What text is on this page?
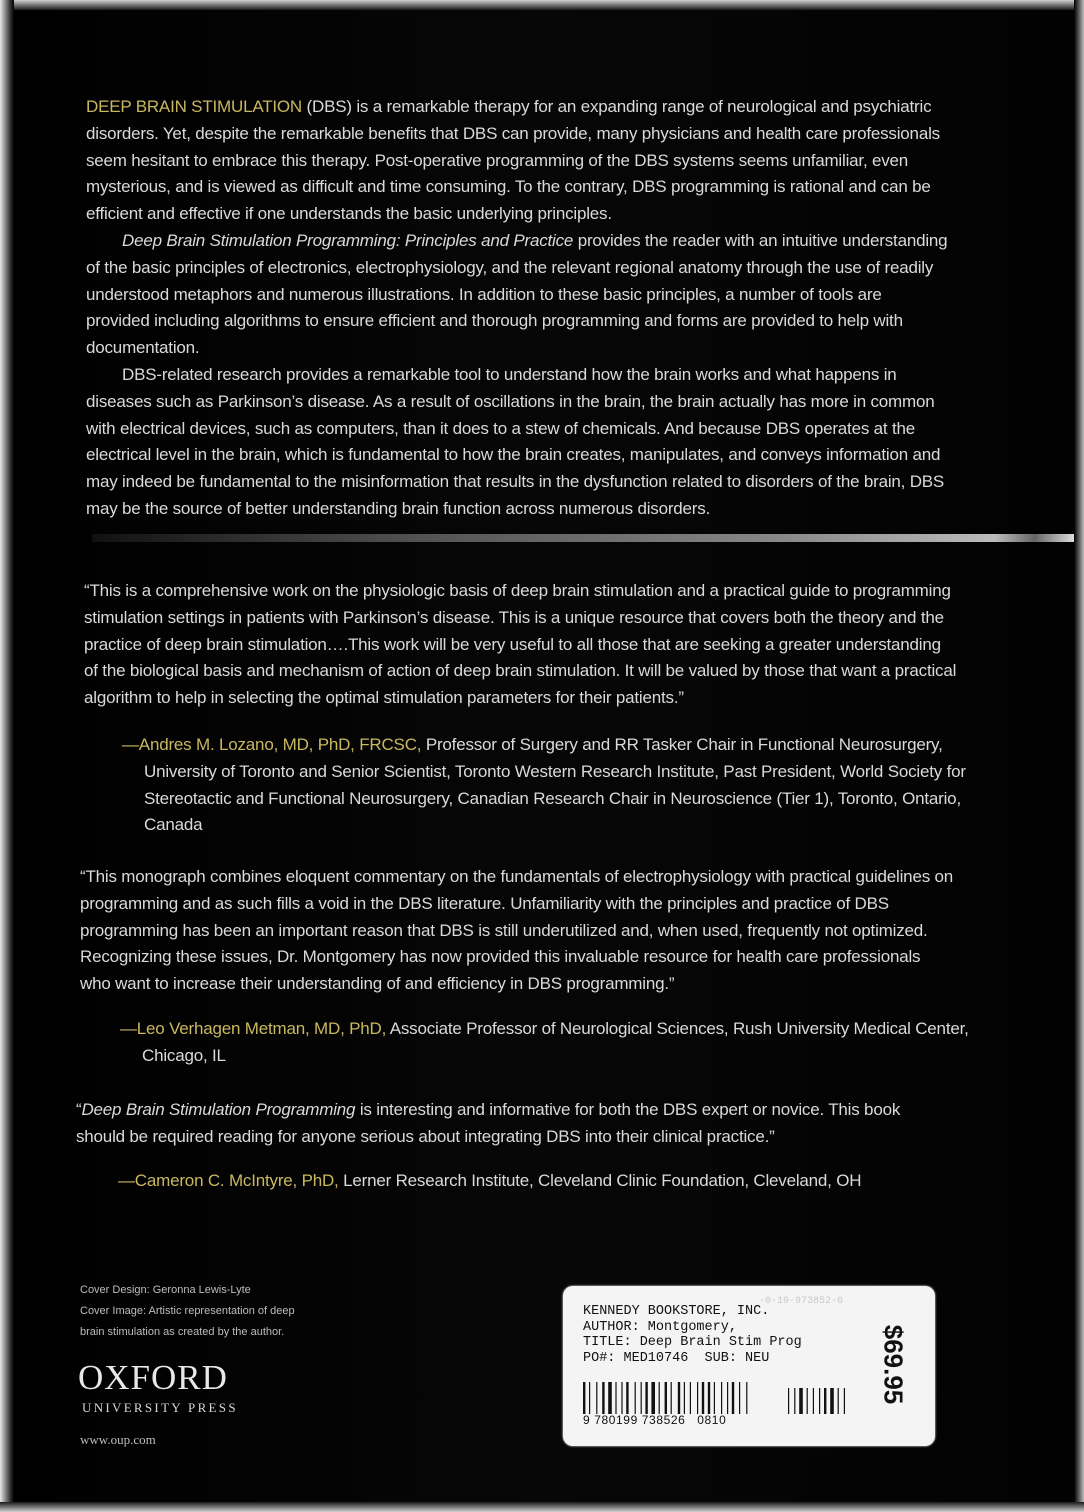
DEEP BRAIN STIMULATION (DBS) is a remarkable therapy for an expanding range of neurological and psychiatric disorders. Yet, despite the remarkable benefits that DBS can provide, many physicians and health care professionals seem hesitant to embrace this therapy. Post-operative programming of the DBS systems seems unfamiliar, even mysterious, and is viewed as difficult and time consuming. To the contrary, DBS programming is rational and can be efficient and effective if one understands the basic underlying principles.

Deep Brain Stimulation Programming: Principles and Practice provides the reader with an intuitive understanding of the basic principles of electronics, electrophysiology, and the relevant regional anatomy through the use of readily understood metaphors and numerous illustrations. In addition to these basic principles, a number of tools are provided including algorithms to ensure efficient and thorough programming and forms are provided to help with documentation.

DBS-related research provides a remarkable tool to understand how the brain works and what happens in diseases such as Parkinson’s disease. As a result of oscillations in the brain, the brain actually has more in common with electrical devices, such as computers, than it does to a stew of chemicals. And because DBS operates at the electrical level in the brain, which is fundamental to how the brain creates, manipulates, and conveys information and may indeed be fundamental to the misinformation that results in the dysfunction related to disorders of the brain, DBS may be the source of better understanding brain function across numerous disorders.

“This is a comprehensive work on the physiologic basis of deep brain stimulation and a practical guide to programming stimulation settings in patients with Parkinson’s disease. This is a unique resource that covers both the theory and the practice of deep brain stimulation….This work will be very useful to all those that are seeking a greater understanding of the biological basis and mechanism of action of deep brain stimulation. It will be valued by those that want a practical algorithm to help in selecting the optimal stimulation parameters for their patients.”

—Andres M. Lozano, MD, PhD, FRCSC, Professor of Surgery and RR Tasker Chair in Functional Neurosurgery, University of Toronto and Senior Scientist, Toronto Western Research Institute, Past President, World Society for Stereotactic and Functional Neurosurgery, Canadian Research Chair in Neuroscience (Tier 1), Toronto, Ontario, Canada

“This monograph combines eloquent commentary on the fundamentals of electrophysiology with practical guidelines on programming and as such fills a void in the DBS literature. Unfamiliarity with the principles and practice of DBS programming has been an important reason that DBS is still underutilized and, when used, frequently not optimized. Recognizing these issues, Dr. Montgomery has now provided this invaluable resource for health care professionals who want to increase their understanding of and efficiency in DBS programming.”

—Leo Verhagen Metman, MD, PhD, Associate Professor of Neurological Sciences, Rush University Medical Center, Chicago, IL

“Deep Brain Stimulation Programming is interesting and informative for both the DBS expert or novice. This book should be required reading for anyone serious about integrating DBS into their clinical practice.”

—Cameron C. McIntyre, PhD, Lerner Research Institute, Cleveland Clinic Foundation, Cleveland, OH
Cover Design: Geronna Lewis-Lyte
Cover Image: Artistic representation of deep brain stimulation as created by the author.
OXFORD
UNIVERSITY PRESS
www.oup.com
-0-19-973852-6
KENNEDY BOOKSTORE, INC.
AUTHOR: Montgomery,
TITLE: Deep Brain Stim Prog
PO#: MED10746  SUB: NEU	$69.95
9 780199 738526 0810
